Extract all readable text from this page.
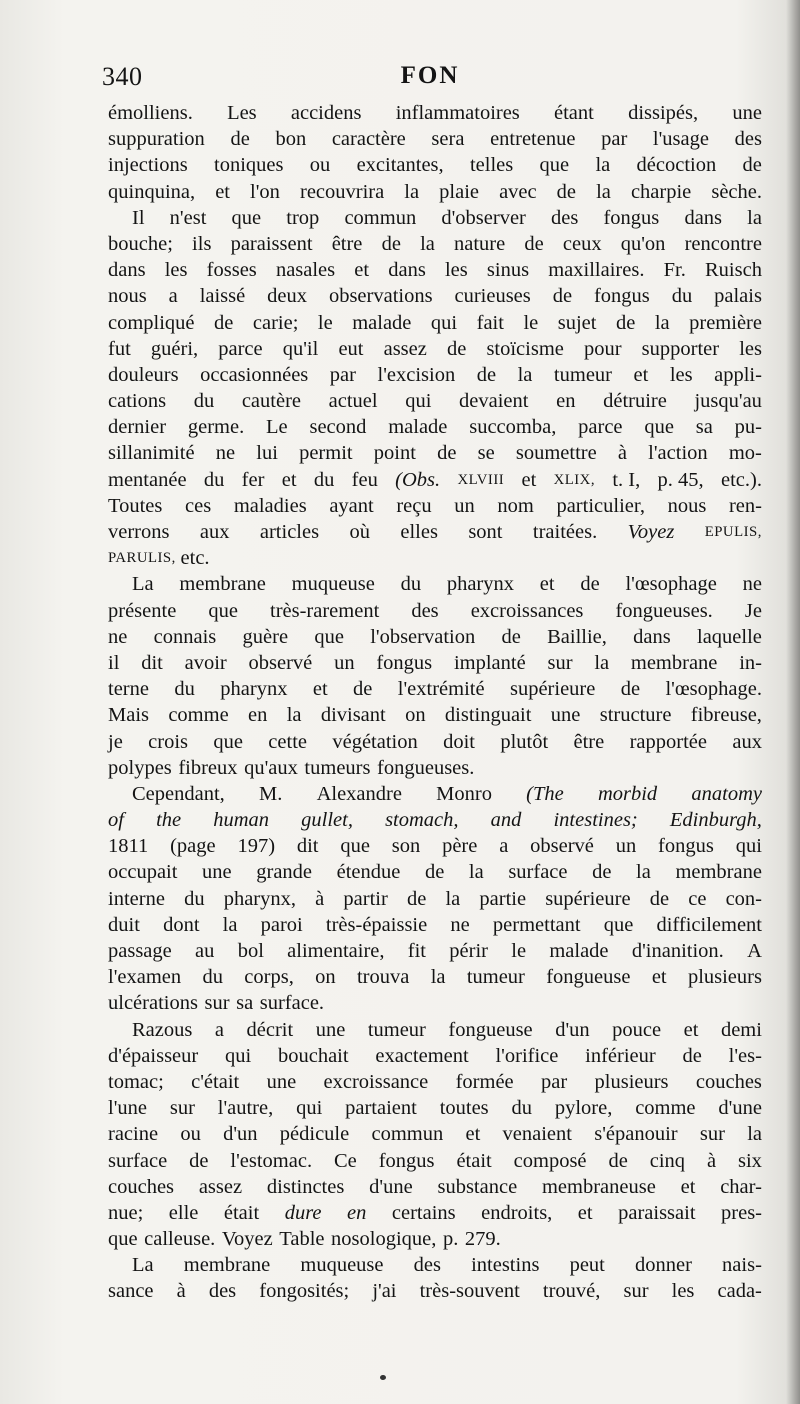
340	FON
émolliens. Les accidens inflammatoires étant dissipés, une
suppuration de bon caractère sera entretenue par l'usage des
injections toniques ou excitantes, telles que la décoction de
quinquina, et l'on recouvrira la plaie avec de la charpie sèche.
Il n'est que trop commun d'observer des fongus dans la
bouche; ils paraissent être de la nature de ceux qu'on rencontre
dans les fosses nasales et dans les sinus maxillaires. Fr. Ruisch
nous a laissé deux observations curieuses de fongus du palais
compliqué de carie; le malade qui fait le sujet de la première
fut guéri, parce qu'il eut assez de stoïcisme pour supporter les
douleurs occasionnées par l'excision de la tumeur et les appli-
cations du cautère actuel qui devaient en détruire jusqu'au
dernier germe. Le second malade succomba, parce que sa pu-
sillanimité ne lui permit point de se soumettre à l'action mo-
mentanée du fer et du feu (Obs. XLVIII et XLIX, t. I, p. 45, etc.).
Toutes ces maladies ayant reçu un nom particulier, nous ren-
verrons aux articles où elles sont traitées. Voyez EPULIS,
PARULIS, etc.
La membrane muqueuse du pharynx et de l'œsophage ne
présente que très-rarement des excroissances fongueuses. Je
ne connais guère que l'observation de Baillie, dans laquelle
il dit avoir observé un fongus implanté sur la membrane in-
terne du pharynx et de l'extrémité supérieure de l'œsophage.
Mais comme en la divisant on distinguait une structure fibreuse,
je crois que cette végétation doit plutôt être rapportée aux
polypes fibreux qu'aux tumeurs fongueuses.
Cependant, M. Alexandre Monro (The morbid anatomy
of the human gullet, stomach, and intestines; Edinburgh,
1811 (page 197) dit que son père a observé un fongus qui
occupait une grande étendue de la surface de la membrane
interne du pharynx, à partir de la partie supérieure de ce con-
duit dont la paroi très-épaissie ne permettant que difficilement
passage au bol alimentaire, fit périr le malade d'inanition. A
l'examen du corps, on trouva la tumeur fongueuse et plusieurs
ulcérations sur sa surface.
Razous a décrit une tumeur fongueuse d'un pouce et demi
d'épaisseur qui bouchait exactement l'orifice inférieur de l'es-
tomac; c'était une excroissance formée par plusieurs couches
l'une sur l'autre, qui partaient toutes du pylore, comme d'une
racine ou d'un pédicule commun et venaient s'épanouir sur la
surface de l'estomac. Ce fongus était composé de cinq à six
couches assez distinctes d'une substance membraneuse et char-
nue; elle était dure en certains endroits, et paraissait pres-
que calleuse. Voyez Table nosologique, p. 279.
La membrane muqueuse des intestins peut donner nais-
sance à des fongosités; j'ai très-souvent trouvé, sur les cada-
